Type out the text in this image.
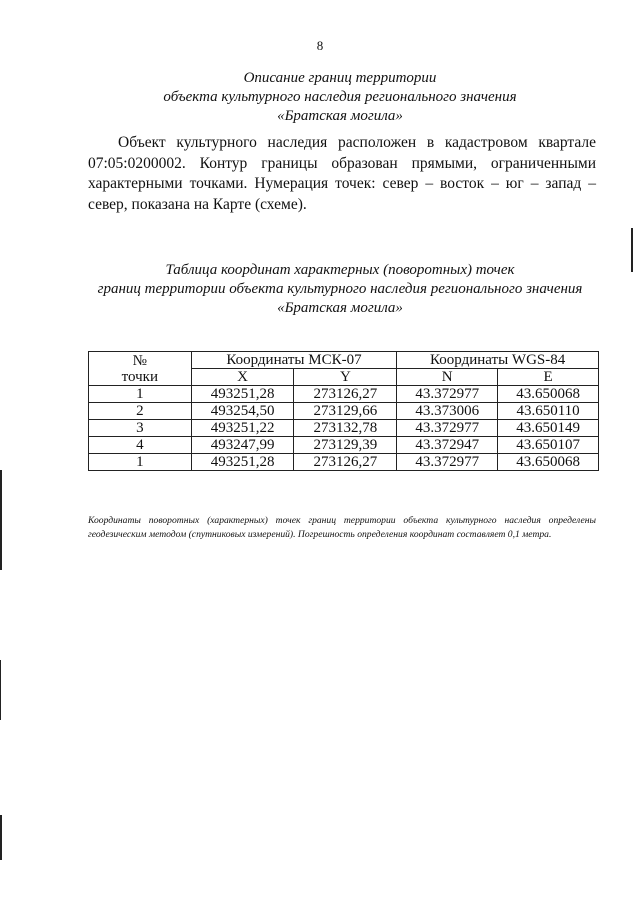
8
Описание границ территории
объекта культурного наследия регионального значения
«Братская могила»

Объект культурного наследия расположен в кадастровом квартале 07:05:0200002. Контур границы образован прямыми, ограниченными характерными точками. Нумерация точек: север – восток – юг – запад – север, показана на Карте (схеме).

Таблица координат характерных (поворотных) точек
границ территории объекта культурного наследия регионального значения
«Братская могила»
№
точки	Координаты МСК-07		Координаты WGS-84	
	X	Y	N	E
1	493251,28	273126,27	43.372977	43.650068
2	493254,50	273129,66	43.373006	43.650110
3	493251,22	273132,78	43.372977	43.650149
4	493247,99	273129,39	43.372947	43.650107
1	493251,28	273126,27	43.372977	43.650068
Координаты поворотных (характерных) точек границ территории объекта культурного наследия определены геодезическим методом (спутниковых измерений). Погрешность определения координат составляет 0,1 метра.
